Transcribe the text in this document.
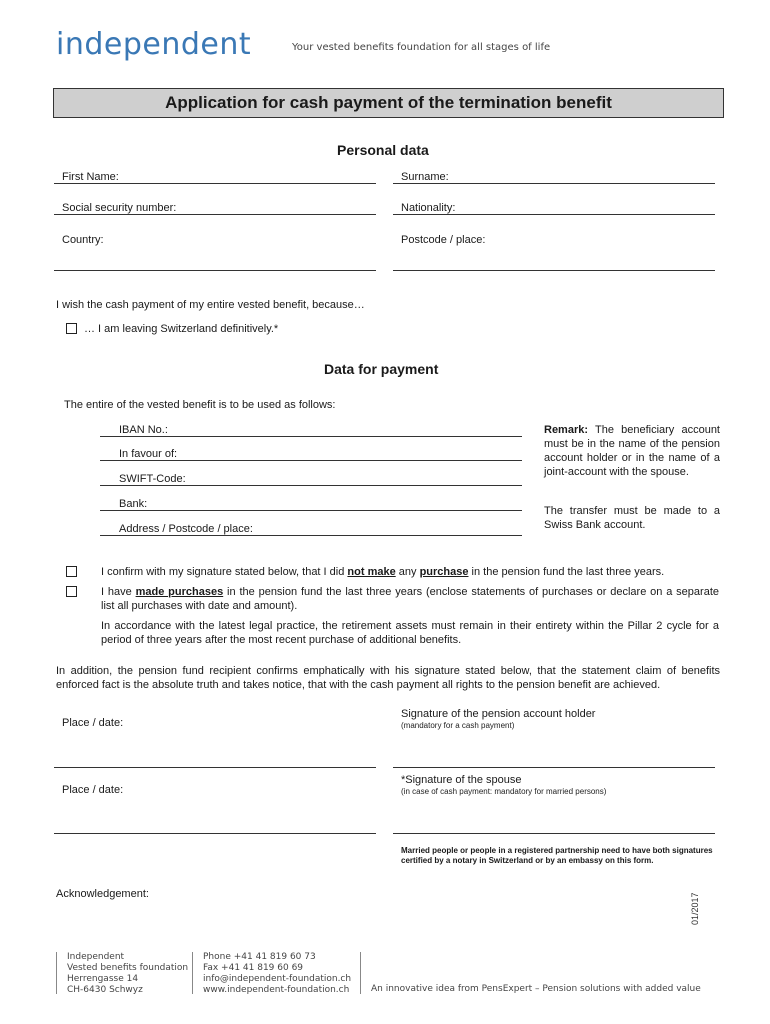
independent	Your vested benefits foundation for all stages of life
Application for cash payment of the termination benefit
Personal data
First Name:	Surname:
Social security number:	Nationality:
Country:	Postcode / place:
I wish the cash payment of my entire vested benefit, because…
… I am leaving Switzerland definitively.*
Data for payment
The entire of the vested benefit is to be used as follows:
IBAN No.:
In favour of:
SWIFT-Code:
Bank:
Address / Postcode / place:
Remark: The beneficiary account must be in the name of the pension account holder or in the name of a joint-account with the spouse.
The transfer must be made to a Swiss Bank account.
I confirm with my signature stated below, that I did not make any purchase in the pension fund the last three years.
I have made purchases in the pension fund the last three years (enclose statements of purchases or declare on a separate list all purchases with date and amount).
In accordance with the latest legal practice, the retirement assets must remain in their entirety within the Pillar 2 cycle for a period of three years after the most recent purchase of additional benefits.
In addition, the pension fund recipient confirms emphatically with his signature stated below, that the statement claim of benefits enforced fact is the absolute truth and takes notice, that with the cash payment all rights to the pension benefit are achieved.
Place / date:
Signature of the pension account holder
(mandatory for a cash payment)
Place / date:
*Signature of the spouse
(in case of cash payment: mandatory for married persons)
Married people or people in a registered partnership need to have both signatures certified by a notary in Switzerland or by an embassy on this form.
Acknowledgement:	01/2017
Independent
Vested benefits foundation
Herrengasse 14
CH-6430 Schwyz
Phone +41 41 819 60 73
Fax +41 41 819 60 69
info@independent-foundation.ch
www.independent-foundation.ch An innovative idea from PensExpert – Pension solutions with added value
